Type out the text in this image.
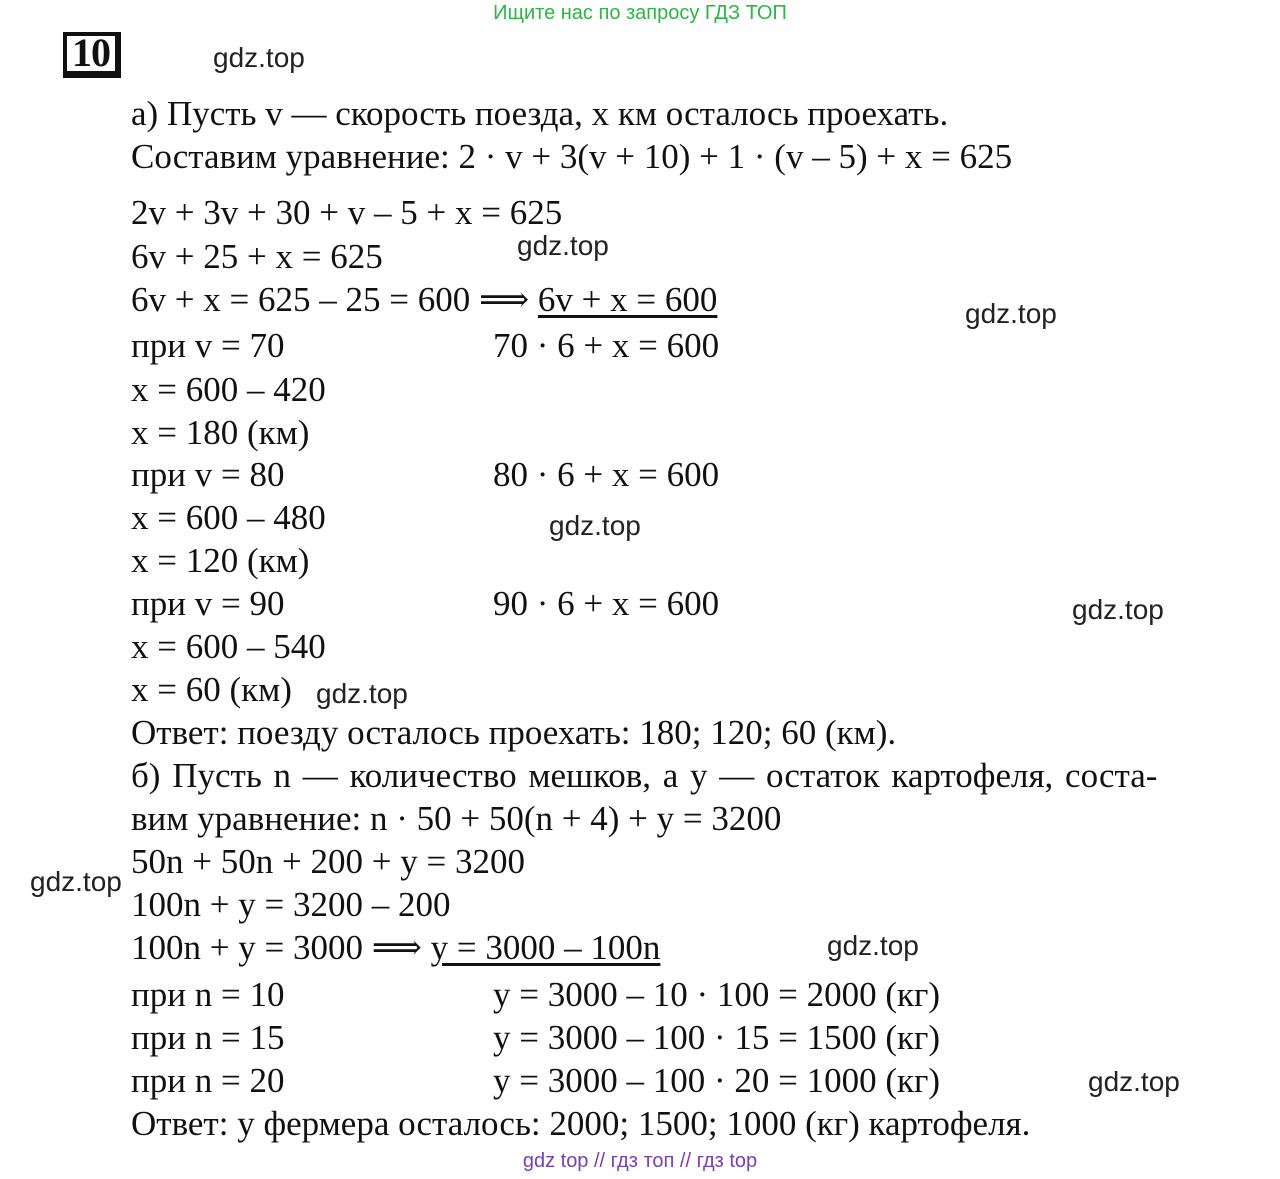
Ищите нас по запросу ГДЗ ТОП
10	gdz.top
gdz.top
gdz.top
gdz.top
gdz.top
gdz.top
gdz.top
gdz.top
gdz.top
а) Пусть v — скорость поезда, x км осталось проехать.
Составим уравнение: 2 · v + 3(v + 10) + 1 · (v – 5) + x = 625
2v + 3v + 30 + v – 5 + x = 625
6v + 25 + x = 625
6v + x = 625 – 25 = 600 ⟹ 6v + x = 600
при v = 70	70 · 6 + x = 600
x = 600 – 420
x = 180 (км)
при v = 80	80 · 6 + x = 600
x = 600 – 480
x = 120 (км)
при v = 90	90 · 6 + x = 600
x = 600 – 540
x = 60 (км)
Ответ: поезду осталось проехать: 180; 120; 60 (км).
б) Пусть n — количество мешков, а y — остаток картофеля, соста-
вим уравнение: n · 50 + 50(n + 4) + y = 3200
50n + 50n + 200 + y = 3200
100n + y = 3200 – 200
100n + y = 3000 ⟹ y = 3000 – 100n
при n = 10	y = 3000 – 10 · 100 = 2000 (кг)
при n = 15	y = 3000 – 100 · 15 = 1500 (кг)
при n = 20	y = 3000 – 100 · 20 = 1000 (кг)
Ответ: у фермера осталось: 2000; 1500; 1000 (кг) картофеля.
gdz top // гдз топ // гдз top
